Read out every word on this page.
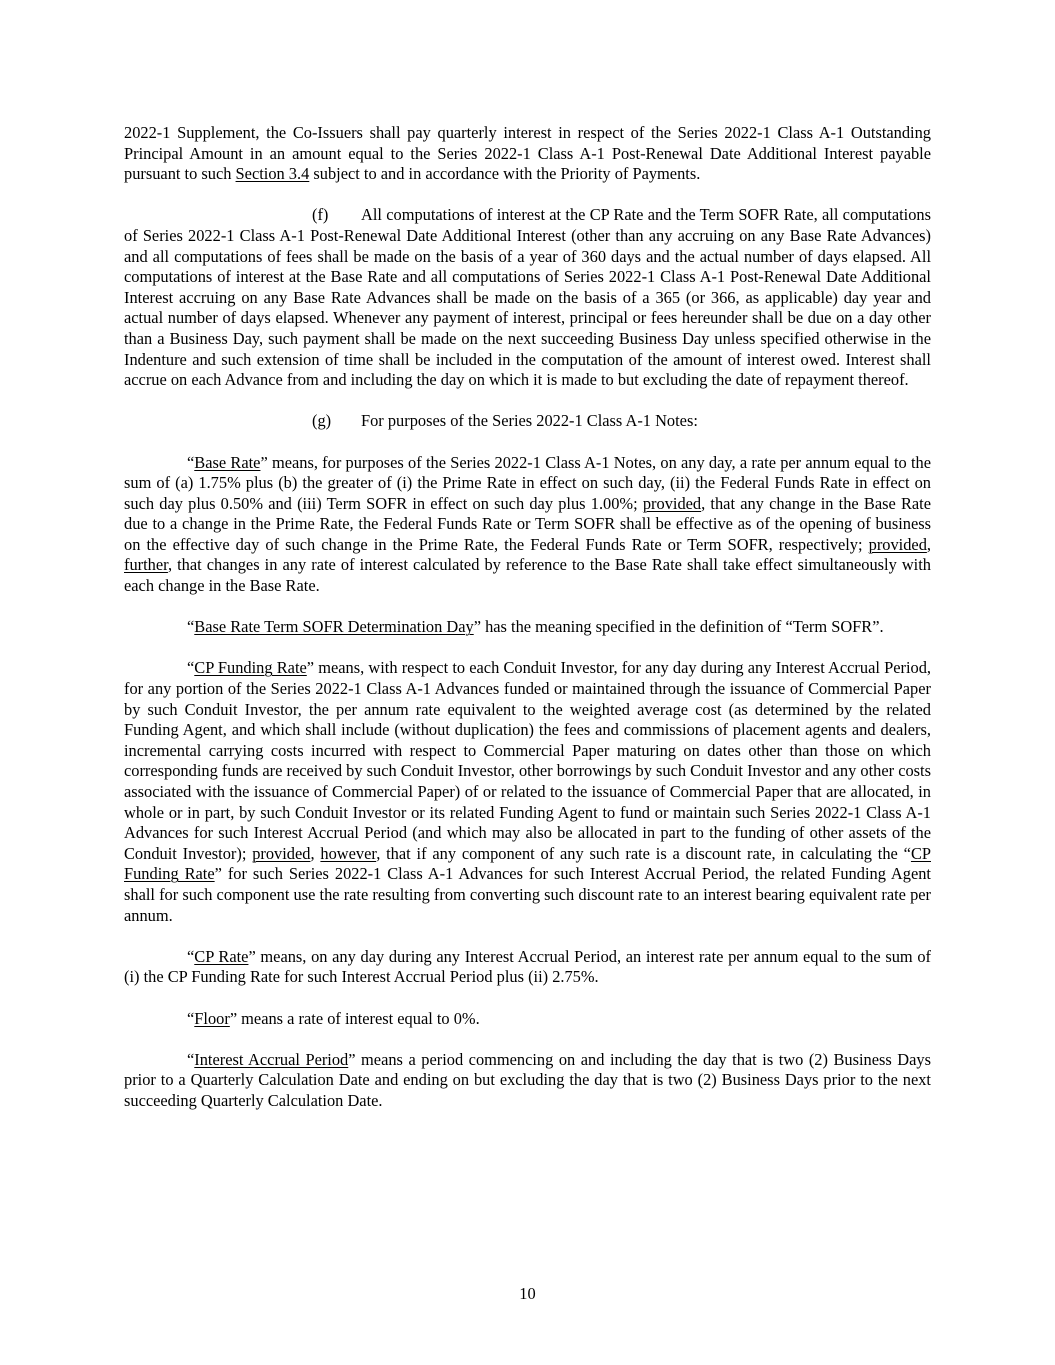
2022-1 Supplement, the Co-Issuers shall pay quarterly interest in respect of the Series 2022-1 Class A-1 Outstanding Principal Amount in an amount equal to the Series 2022-1 Class A-1 Post-Renewal Date Additional Interest payable pursuant to such Section 3.4 subject to and in accordance with the Priority of Payments.

(f) All computations of interest at the CP Rate and the Term SOFR Rate, all computations of Series 2022-1 Class A-1 Post-Renewal Date Additional Interest (other than any accruing on any Base Rate Advances) and all computations of fees shall be made on the basis of a year of 360 days and the actual number of days elapsed. All computations of interest at the Base Rate and all computations of Series 2022-1 Class A-1 Post-Renewal Date Additional Interest accruing on any Base Rate Advances shall be made on the basis of a 365 (or 366, as applicable) day year and actual number of days elapsed. Whenever any payment of interest, principal or fees hereunder shall be due on a day other than a Business Day, such payment shall be made on the next succeeding Business Day unless specified otherwise in the Indenture and such extension of time shall be included in the computation of the amount of interest owed. Interest shall accrue on each Advance from and including the day on which it is made to but excluding the date of repayment thereof.

(g) For purposes of the Series 2022-1 Class A-1 Notes:

“Base Rate” means, for purposes of the Series 2022-1 Class A-1 Notes, on any day, a rate per annum equal to the sum of (a) 1.75% plus (b) the greater of (i) the Prime Rate in effect on such day, (ii) the Federal Funds Rate in effect on such day plus 0.50% and (iii) Term SOFR in effect on such day plus 1.00%; provided, that any change in the Base Rate due to a change in the Prime Rate, the Federal Funds Rate or Term SOFR shall be effective as of the opening of business on the effective day of such change in the Prime Rate, the Federal Funds Rate or Term SOFR, respectively; provided, further, that changes in any rate of interest calculated by reference to the Base Rate shall take effect simultaneously with each change in the Base Rate.

“Base Rate Term SOFR Determination Day” has the meaning specified in the definition of “Term SOFR”.

“CP Funding Rate” means, with respect to each Conduit Investor, for any day during any Interest Accrual Period, for any portion of the Series 2022-1 Class A-1 Advances funded or maintained through the issuance of Commercial Paper by such Conduit Investor, the per annum rate equivalent to the weighted average cost (as determined by the related Funding Agent, and which shall include (without duplication) the fees and commissions of placement agents and dealers, incremental carrying costs incurred with respect to Commercial Paper maturing on dates other than those on which corresponding funds are received by such Conduit Investor, other borrowings by such Conduit Investor and any other costs associated with the issuance of Commercial Paper) of or related to the issuance of Commercial Paper that are allocated, in whole or in part, by such Conduit Investor or its related Funding Agent to fund or maintain such Series 2022-1 Class A-1 Advances for such Interest Accrual Period (and which may also be allocated in part to the funding of other assets of the Conduit Investor); provided, however, that if any component of any such rate is a discount rate, in calculating the “CP Funding Rate” for such Series 2022-1 Class A-1 Advances for such Interest Accrual Period, the related Funding Agent shall for such component use the rate resulting from converting such discount rate to an interest bearing equivalent rate per annum.

“CP Rate” means, on any day during any Interest Accrual Period, an interest rate per annum equal to the sum of (i) the CP Funding Rate for such Interest Accrual Period plus (ii) 2.75%.

“Floor” means a rate of interest equal to 0%.

“Interest Accrual Period” means a period commencing on and including the day that is two (2) Business Days prior to a Quarterly Calculation Date and ending on but excluding the day that is two (2) Business Days prior to the next succeeding Quarterly Calculation Date.

10
